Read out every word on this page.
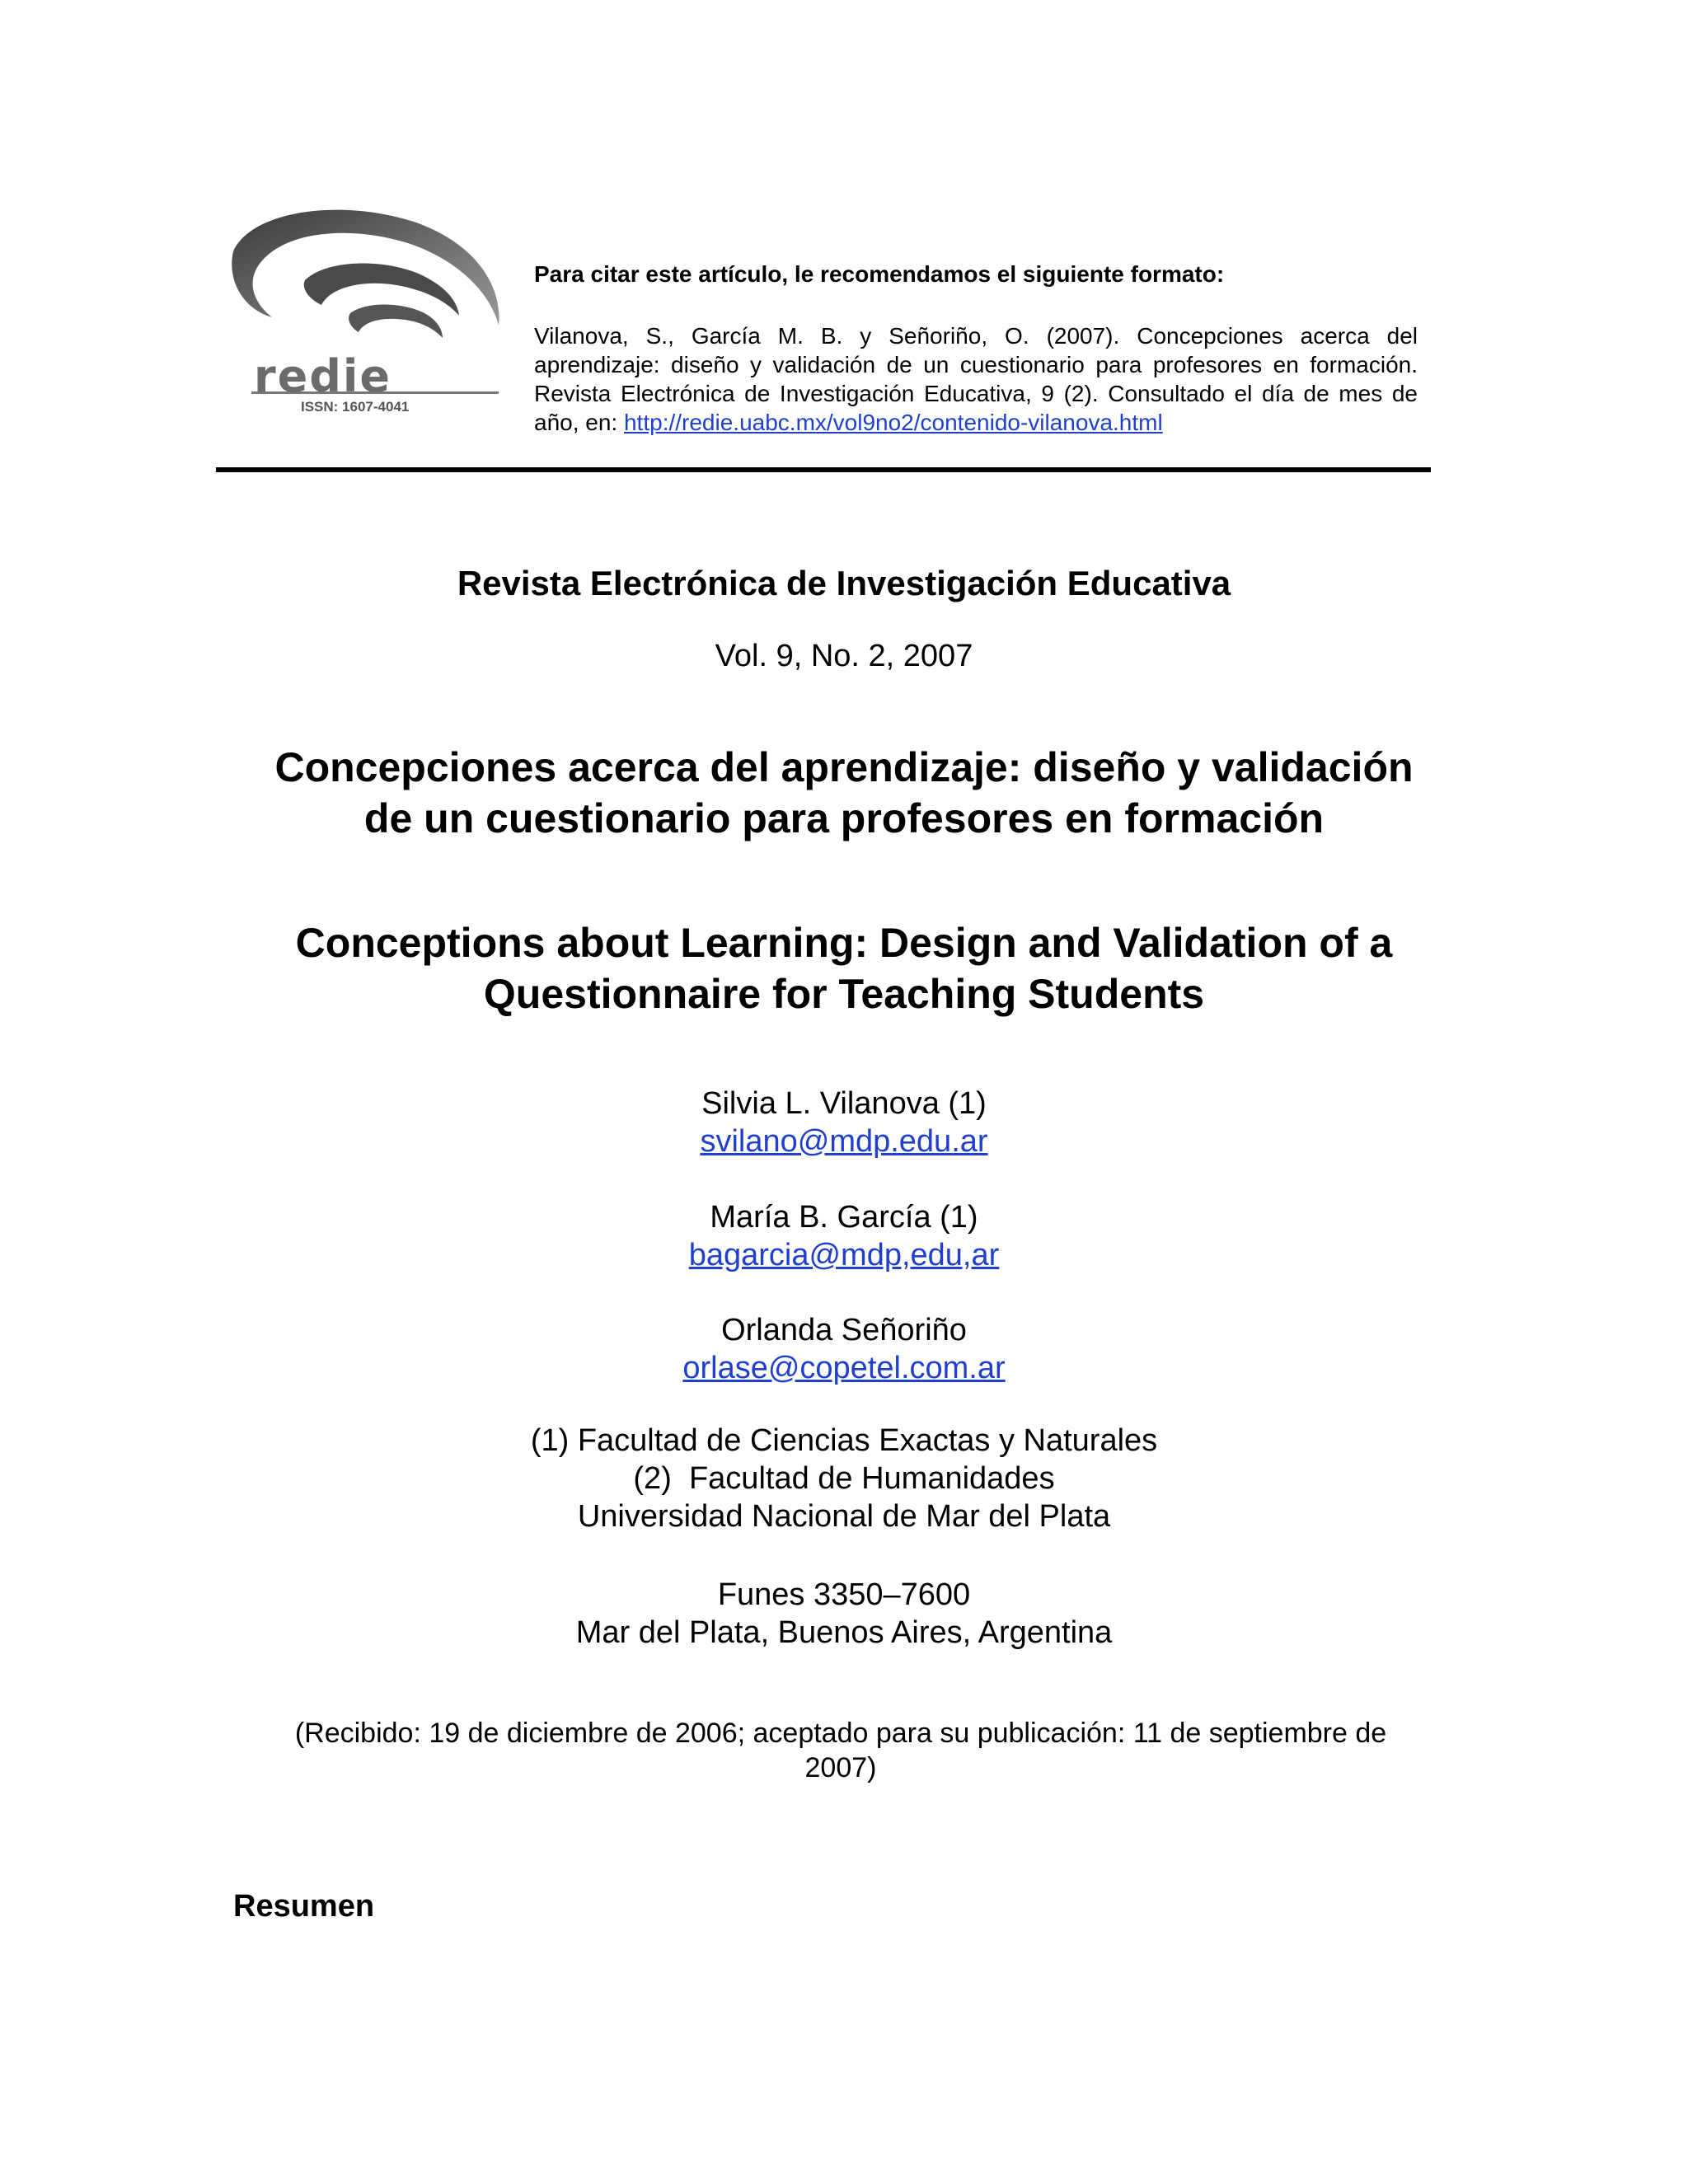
redie
ISSN: 1607-4041
Para citar este artículo, le recomendamos el siguiente formato:
Vilanova, S., García M. B. y Señoriño, O. (2007). Concepciones acerca del aprendizaje: diseño y validación de un cuestionario para profesores en formación. Revista Electrónica de Investigación Educativa, 9 (2). Consultado el día de mes de año, en: http://redie.uabc.mx/vol9no2/contenido-vilanova.html
Revista Electrónica de Investigación Educativa
Vol. 9, No. 2, 2007
Concepciones acerca del aprendizaje: diseño y validación
de un cuestionario para profesores en formación
Conceptions about Learning: Design and Validation of a
Questionnaire for Teaching Students
Silvia L. Vilanova (1)
svilano@mdp.edu.ar
María B. García (1)
bagarcia@mdp,edu,ar
Orlanda Señoriño
orlase@copetel.com.ar
(1) Facultad de Ciencias Exactas y Naturales
(2)  Facultad de Humanidades
Universidad Nacional de Mar del Plata
Funes 3350–7600
Mar del Plata, Buenos Aires, Argentina
(Recibido: 19 de diciembre de 2006; aceptado para su publicación: 11 de septiembre de
2007)
Resumen
